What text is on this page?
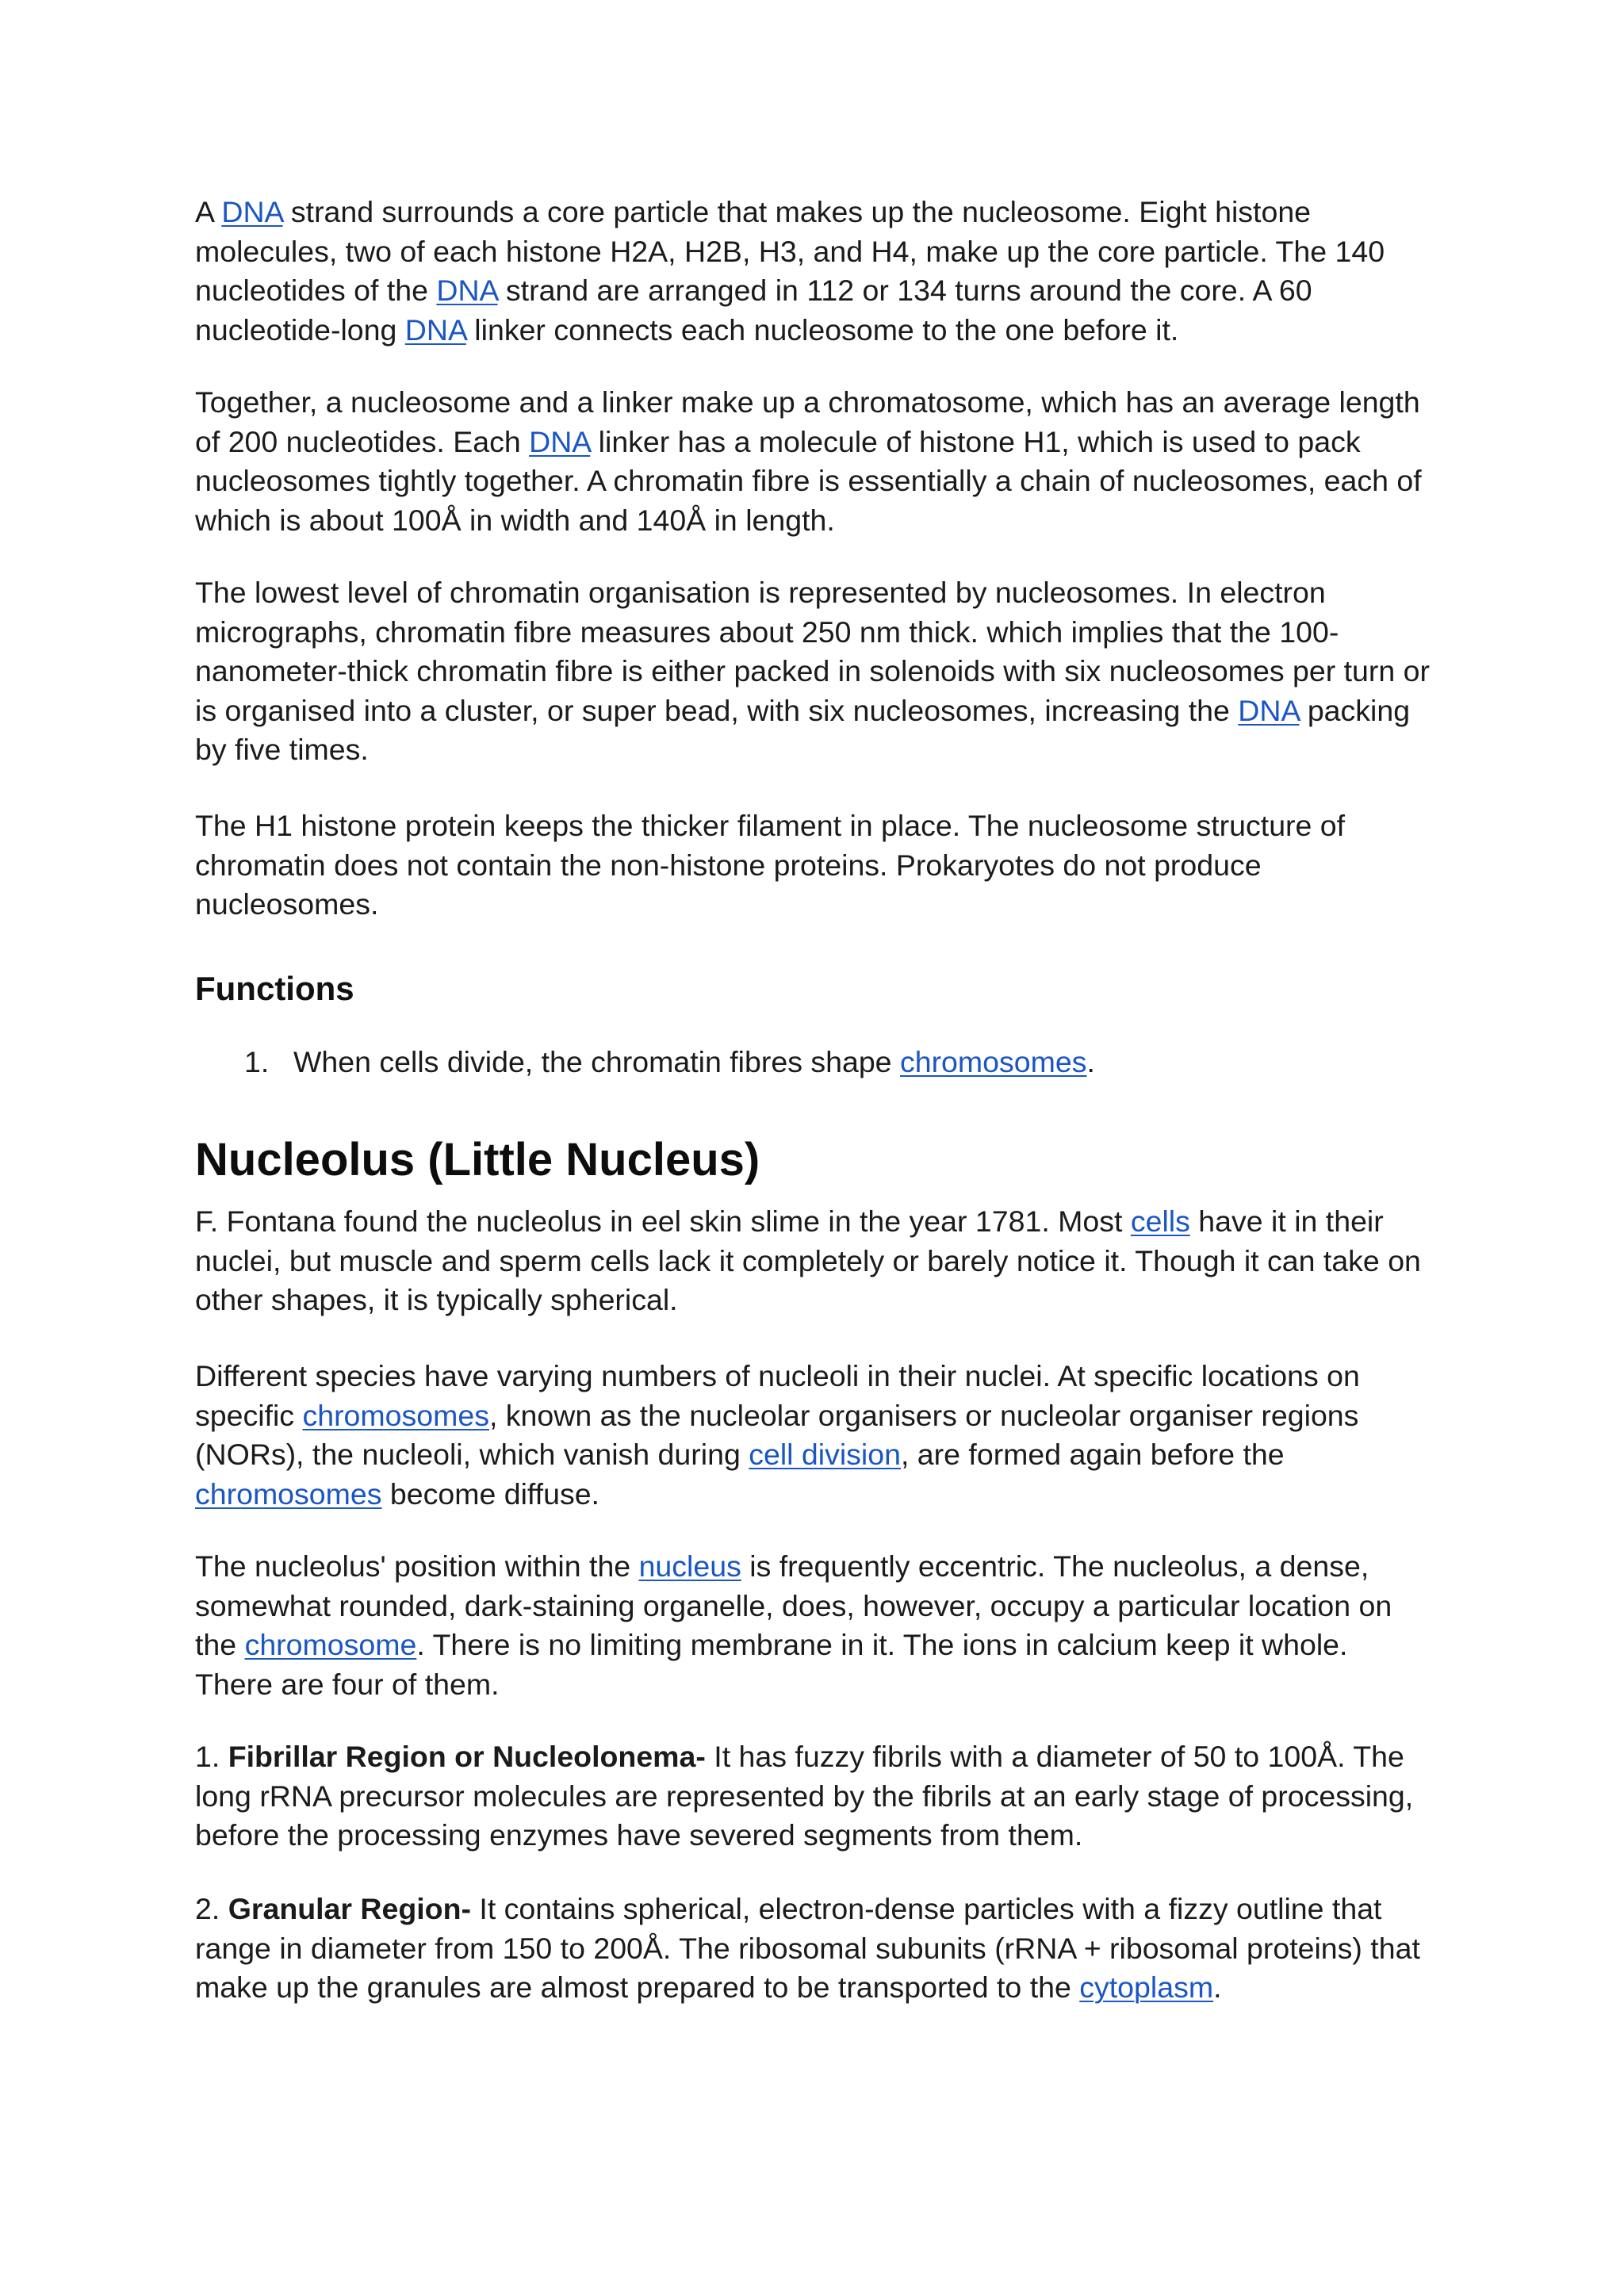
A DNA strand surrounds a core particle that makes up the nucleosome. Eight histone molecules, two of each histone H2A, H2B, H3, and H4, make up the core particle. The 140 nucleotides of the DNA strand are arranged in 112 or 134 turns around the core. A 60 nucleotide-long DNA linker connects each nucleosome to the one before it.

Together, a nucleosome and a linker make up a chromatosome, which has an average length of 200 nucleotides. Each DNA linker has a molecule of histone H1, which is used to pack nucleosomes tightly together. A chromatin fibre is essentially a chain of nucleosomes, each of which is about 100Å in width and 140Å in length.

The lowest level of chromatin organisation is represented by nucleosomes. In electron micrographs, chromatin fibre measures about 250 nm thick. which implies that the 100-nanometer-thick chromatin fibre is either packed in solenoids with six nucleosomes per turn or is organised into a cluster, or super bead, with six nucleosomes, increasing the DNA packing by five times.

The H1 histone protein keeps the thicker filament in place. The nucleosome structure of chromatin does not contain the non-histone proteins. Prokaryotes do not produce nucleosomes.

Functions
1. When cells divide, the chromatin fibres shape chromosomes.
Nucleolus (Little Nucleus)

F. Fontana found the nucleolus in eel skin slime in the year 1781. Most cells have it in their nuclei, but muscle and sperm cells lack it completely or barely notice it. Though it can take on other shapes, it is typically spherical.

Different species have varying numbers of nucleoli in their nuclei. At specific locations on specific chromosomes, known as the nucleolar organisers or nucleolar organiser regions (NORs), the nucleoli, which vanish during cell division, are formed again before the chromosomes become diffuse.

The nucleolus' position within the nucleus is frequently eccentric. The nucleolus, a dense, somewhat rounded, dark-staining organelle, does, however, occupy a particular location on the chromosome. There is no limiting membrane in it. The ions in calcium keep it whole. There are four of them.

1. Fibrillar Region or Nucleolonema- It has fuzzy fibrils with a diameter of 50 to 100Å. The long rRNA precursor molecules are represented by the fibrils at an early stage of processing, before the processing enzymes have severed segments from them.

2. Granular Region- It contains spherical, electron-dense particles with a fizzy outline that range in diameter from 150 to 200Å. The ribosomal subunits (rRNA + ribosomal proteins) that make up the granules are almost prepared to be transported to the cytoplasm.
